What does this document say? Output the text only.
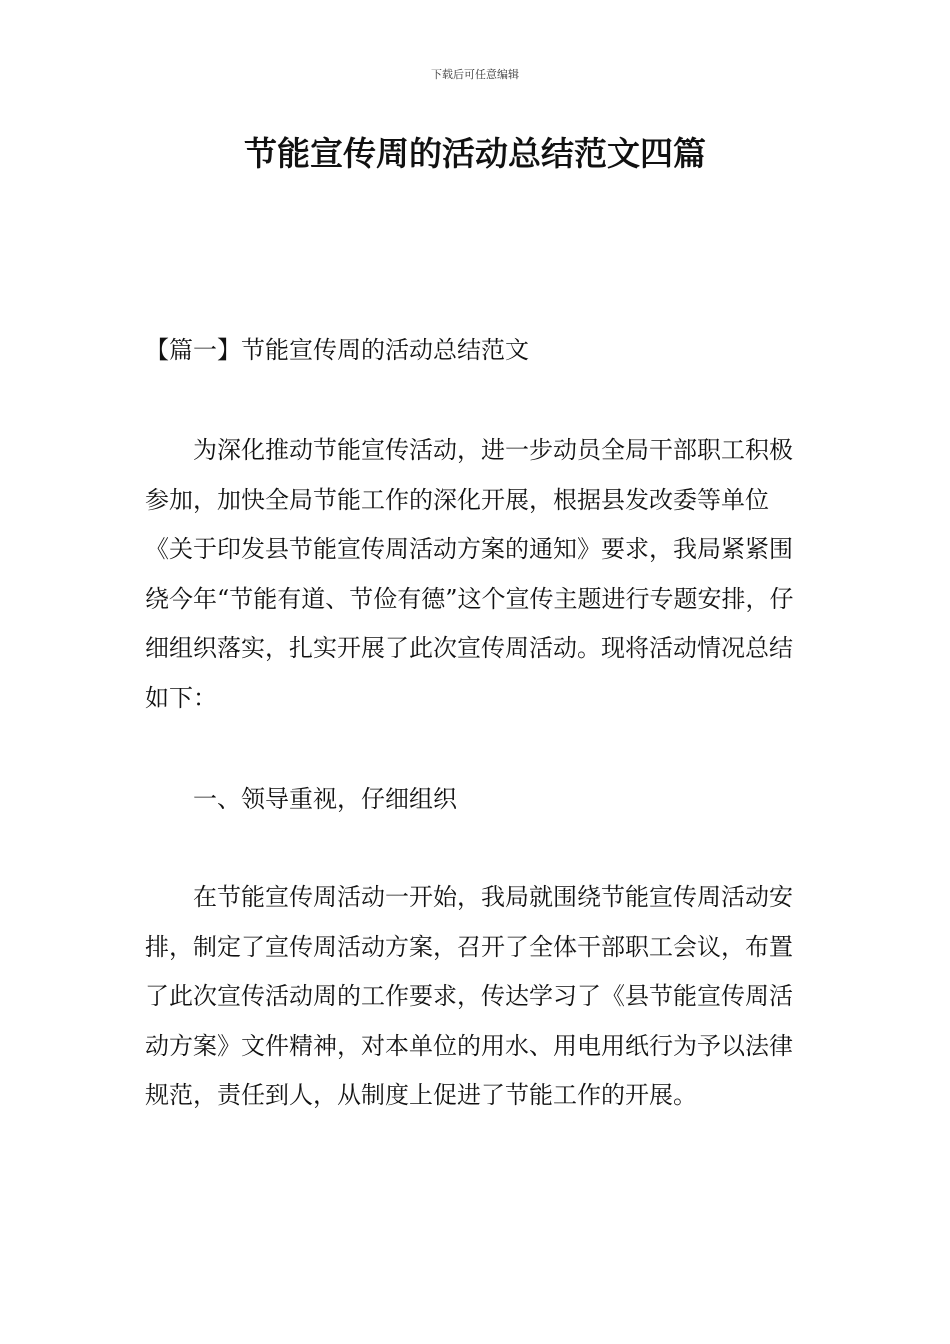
下载后可任意编辑
节能宣传周的活动总结范文四篇

【篇一】节能宣传周的活动总结范文

为深化推动节能宣传活动，进一步动员全局干部职工积极参加，加快全局节能工作的深化开展，根据县发改委等单位《关于印发县节能宣传周活动方案的通知》要求，我局紧紧围绕今年“节能有道、节俭有德”这个宣传主题进行专题安排，仔细组织落实，扎实开展了此次宣传周活动。现将活动情况总结如下：

一、领导重视，仔细组织

在节能宣传周活动一开始，我局就围绕节能宣传周活动安排，制定了宣传周活动方案，召开了全体干部职工会议，布置了此次宣传活动周的工作要求，传达学习了《县节能宣传周活动方案》文件精神，对本单位的用水、用电用纸行为予以法律规范，责任到人，从制度上促进了节能工作的开展。
